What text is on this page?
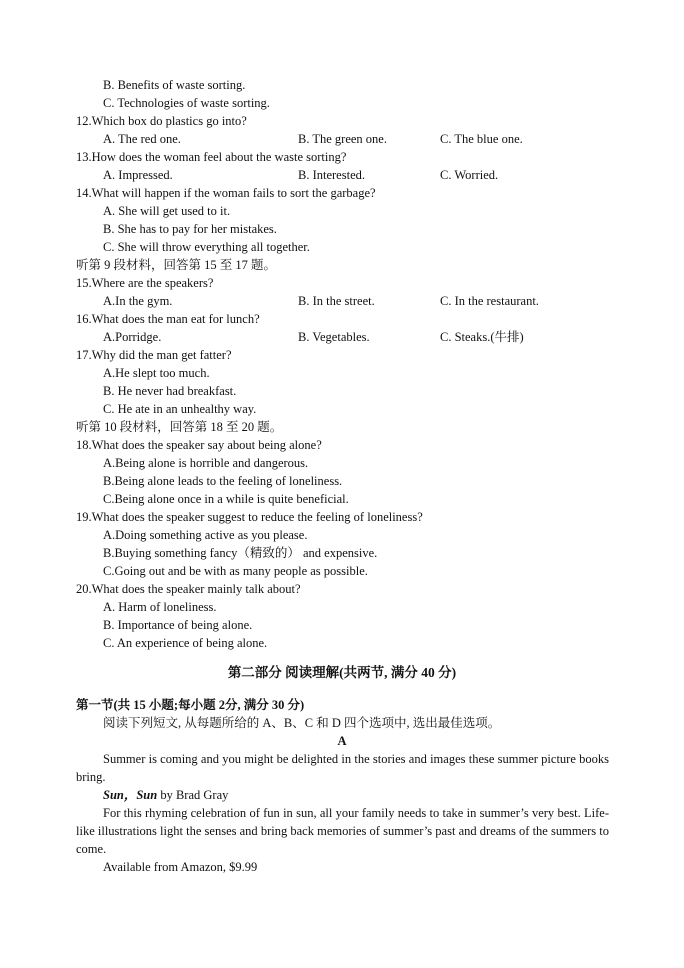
B. Benefits of waste sorting.
C. Technologies of waste sorting.
12.Which box do plastics go into?
A. The red one.	B. The green one.	C. The blue one.
13.How does the woman feel about the waste sorting?
A. Impressed.	B. Interested.	C. Worried.
14.What will happen if the woman fails to sort the garbage?
A. She will get used to it.
B. She has to pay for her mistakes.
C. She will throw everything all together.
听第 9 段材料，回答第 15 至 17 题。
15.Where are the speakers?
A.In the gym.	B. In the street.	C. In the restaurant.
16.What does the man eat for lunch?
A.Porridge.	B. Vegetables.	C. Steaks.(牛排)
17.Why did the man get fatter?
A.He slept too much.
B. He never had breakfast.
C. He ate in an unhealthy way.
听第 10 段材料，回答第 18 至 20 题。
18.What does the speaker say about being alone?
A.Being alone is horrible and dangerous.
B.Being alone leads to the feeling of loneliness.
C.Being alone once in a while is quite beneficial.
19.What does the speaker suggest to reduce the feeling of loneliness?
A.Doing something active as you please.
B.Buying something fancy（精致的） and expensive.
C.Going out and be with as many people as possible.
20.What does the speaker mainly talk about?
A. Harm of loneliness.
B. Importance of being alone.
C. An experience of being alone.
第二部分 阅读理解(共两节, 满分 40 分)
第一节(共 15 小题;每小题 2分, 满分 30 分)
阅读下列短文, 从每题所给的 A、B、C 和 D 四个选项中, 选出最佳选项。
A
Summer is coming and you might be delighted in the stories and images these summer picture books bring.
Sun，Sun by Brad Gray
For this rhyming celebration of fun in sun, all your family needs to take in summer’s very best. Life-like illustrations light the senses and bring back memories of summer’s past and dreams of the summers to come.
Available from Amazon, $9.99
